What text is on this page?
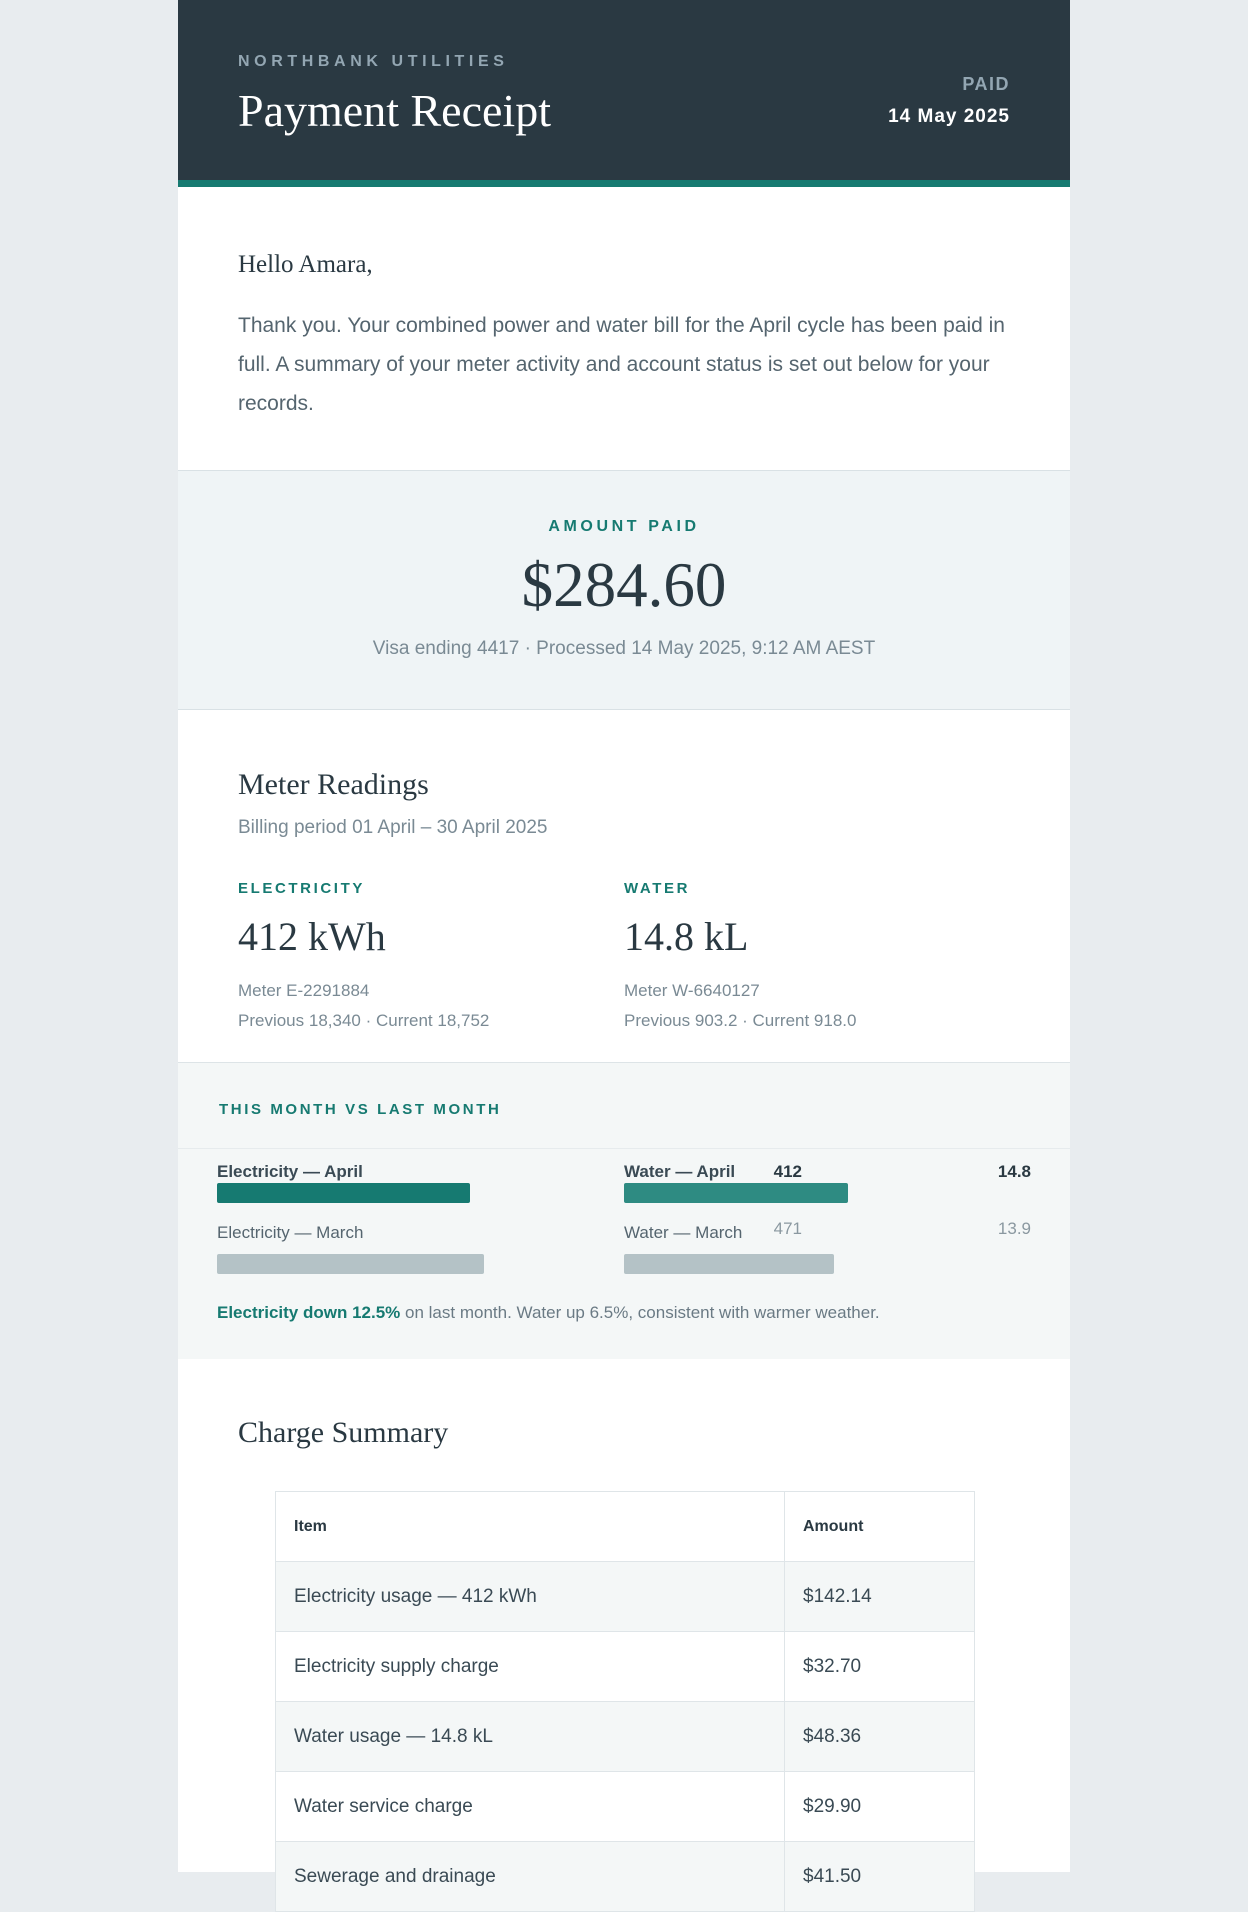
NORTHBANK UTILITIES
Payment Receipt
PAID
14 May 2025
Hello Amara,
Thank you. Your combined power and water bill for the April cycle has been paid in full. A summary of your meter activity and account status is set out below for your records.
AMOUNT PAID
$284.60
Visa ending 4417 · Processed 14 May 2025, 9:12 AM AEST
Meter Readings
Billing period 01 April – 30 April 2025
ELECTRICITY
412 kWh
Meter E-2291884
Previous 18,340 · Current 18,752
WATER
14.8 kL
Meter W-6640127
Previous 903.2 · Current 918.0
THIS MONTH VS LAST MONTH
Electricity — April	412
Electricity — March	471
Water — April	14.8
Water — March	13.9
Electricity down 12.5% on last month. Water up 6.5%, consistent with warmer weather.
Charge Summary
Item	Amount
Electricity usage — 412 kWh	$142.14
Electricity supply charge	$32.70
Water usage — 14.8 kL	$48.36
Water service charge	$29.90
Sewerage and drainage	$41.50
